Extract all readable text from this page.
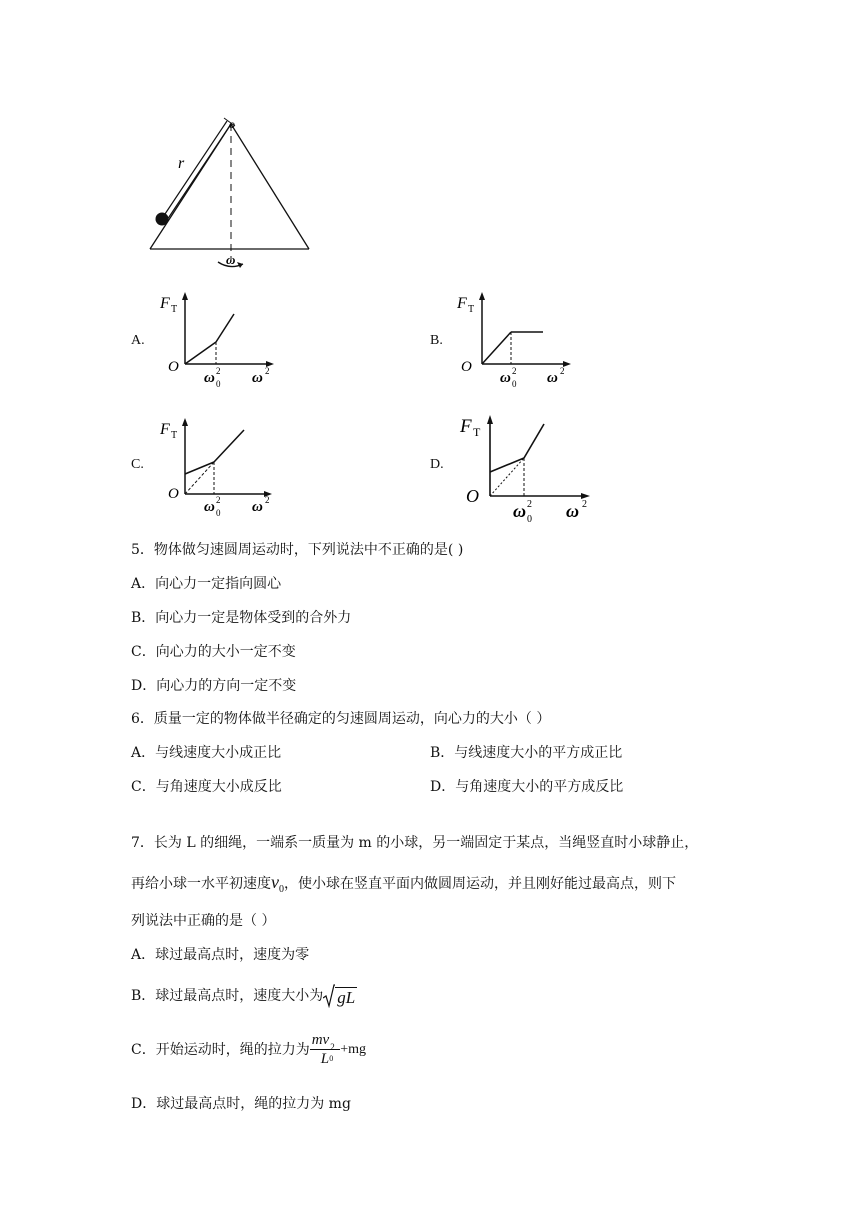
o
r
ω
A.
F T
O
ω 0
2 ω 2
B.
F T
O
ω 0
2 ω 2
C.
F T
O
ω 0
2 ω 2
D.
F T
O
ω 0
2 ω 2
5．物体做匀速圆周运动时，下列说法中不正确的是( )
A．向心力一定指向圆心
B．向心力一定是物体受到的合外力
C．向心力的大小一定不变
D．向心力的方向一定不变
6．质量一定的物体做半径确定的匀速圆周运动，向心力的大小（ ）
A．与线速度大小成正比	B．与线速度大小的平方成正比
C．与角速度大小成反比	D．与角速度大小的平方成反比
7．长为 L 的细绳，一端系一质量为 m 的小球，另一端固定于某点，当绳竖直时小球静止，
再给小球一水平初速度$v_0$，使小球在竖直平面内做圆周运动，并且刚好能过最高点，则下
列说法中正确的是（ ）
A．球过最高点时，速度为零
B．球过最高点时，速度大小为 gL
C．开始运动时，绳的拉力为 mv 2
0
L +mg
D．球过最高点时，绳的拉力为 mg
